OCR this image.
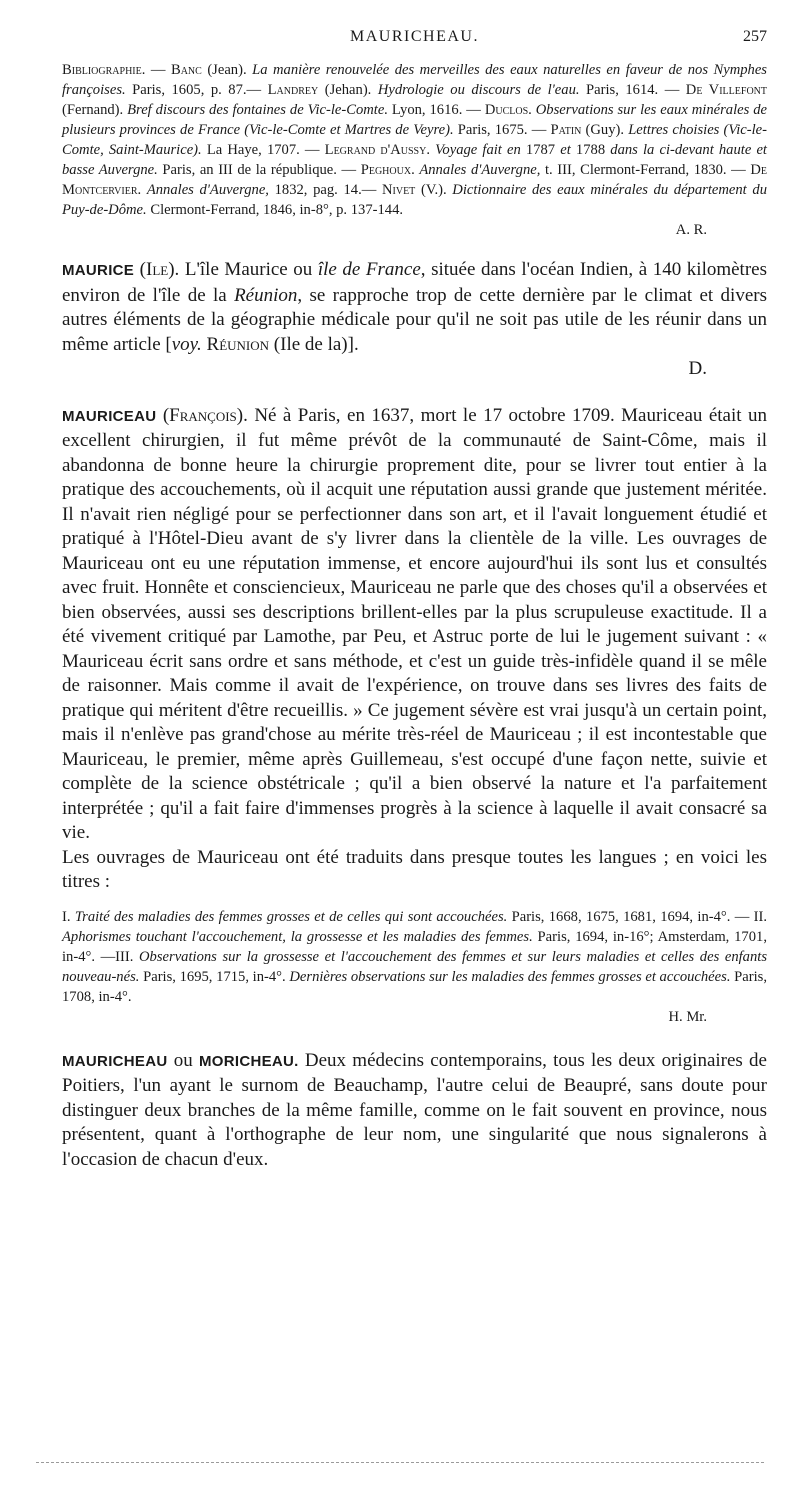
MAURICHEAU.	257

Bibliographie. — Banc (Jean). La manière renouvelée des merveilles des eaux naturelles en faveur de nos Nymphes françoises. Paris, 1605, p. 87.— Landrey (Jehan). Hydrologie ou discours de l'eau. Paris, 1614. — De Villefont (Fernand). Bref discours des fontaines de Vic-le-Comte. Lyon, 1616. — Duclos. Observations sur les eaux minérales de plusieurs provinces de France (Vic-le-Comte et Martres de Veyre). Paris, 1675. — Patin (Guy). Lettres choisies (Vic-le-Comte, Saint-Maurice). La Haye, 1707. — Legrand d'Aussy. Voyage fait en 1787 et 1788 dans la ci-devant haute et basse Auvergne. Paris, an III de la république. — Peghoux. Annales d'Auvergne, t. III, Clermont-Ferrand, 1830. — De Montcervier. Annales d'Auvergne, 1832, pag. 14.— Nivet (V.). Dictionnaire des eaux minérales du département du Puy-de-Dôme. Clermont-Ferrand, 1846, in-8°, p. 137-144.
A. R.

MAURICE (Ile). L'île Maurice ou île de France, située dans l'océan Indien, à 140 kilomètres environ de l'île de la Réunion, se rapproche trop de cette dernière par le climat et divers autres éléments de la géographie médicale pour qu'il ne soit pas utile de les réunir dans un même article [voy. Réunion (Ile de la)].
D.

MAURICEAU (François). Né à Paris, en 1637, mort le 17 octobre 1709. Mauriceau était un excellent chirurgien, il fut même prévôt de la communauté de Saint-Côme, mais il abandonna de bonne heure la chirurgie proprement dite, pour se livrer tout entier à la pratique des accouchements, où il acquit une réputation aussi grande que justement méritée. Il n'avait rien négligé pour se perfectionner dans son art, et il l'avait longuement étudié et pratiqué à l'Hôtel-Dieu avant de s'y livrer dans la clientèle de la ville. Les ouvrages de Mauriceau ont eu une réputation immense, et encore aujourd'hui ils sont lus et consultés avec fruit. Honnête et consciencieux, Mauriceau ne parle que des choses qu'il a observées et bien observées, aussi ses descriptions brillent-elles par la plus scrupuleuse exactitude. Il a été vivement critiqué par Lamothe, par Peu, et Astruc porte de lui le jugement suivant : « Mauriceau écrit sans ordre et sans méthode, et c'est un guide très-infidèle quand il se mêle de raisonner. Mais comme il avait de l'expérience, on trouve dans ses livres des faits de pratique qui méritent d'être recueillis. » Ce jugement sévère est vrai jusqu'à un certain point, mais il n'enlève pas grand'chose au mérite très-réel de Mauriceau ; il est incontestable que Mauriceau, le premier, même après Guillemeau, s'est occupé d'une façon nette, suivie et complète de la science obstétricale ; qu'il a bien observé la nature et l'a parfaitement interprétée ; qu'il a fait faire d'immenses progrès à la science à laquelle il avait consacré sa vie.

Les ouvrages de Mauriceau ont été traduits dans presque toutes les langues ; en voici les titres :

I. Traité des maladies des femmes grosses et de celles qui sont accouchées. Paris, 1668, 1675, 1681, 1694, in-4°. — II. Aphorismes touchant l'accouchement, la grossesse et les maladies des femmes. Paris, 1694, in-16°; Amsterdam, 1701, in-4°. —III. Observations sur la grossesse et l'accouchement des femmes et sur leurs maladies et celles des enfants nouveau-nés. Paris, 1695, 1715, in-4°. Dernières observations sur les maladies des femmes grosses et accouchées. Paris, 1708, in-4°.
H. Mr.

MAURICHEAU ou MORICHEAU. Deux médecins contemporains, tous les deux originaires de Poitiers, l'un ayant le surnom de Beauchamp, l'autre celui de Beaupré, sans doute pour distinguer deux branches de la même famille, comme on le fait souvent en province, nous présentent, quant à l'orthographe de leur nom, une singularité que nous signalerons à l'occasion de chacun d'eux.
